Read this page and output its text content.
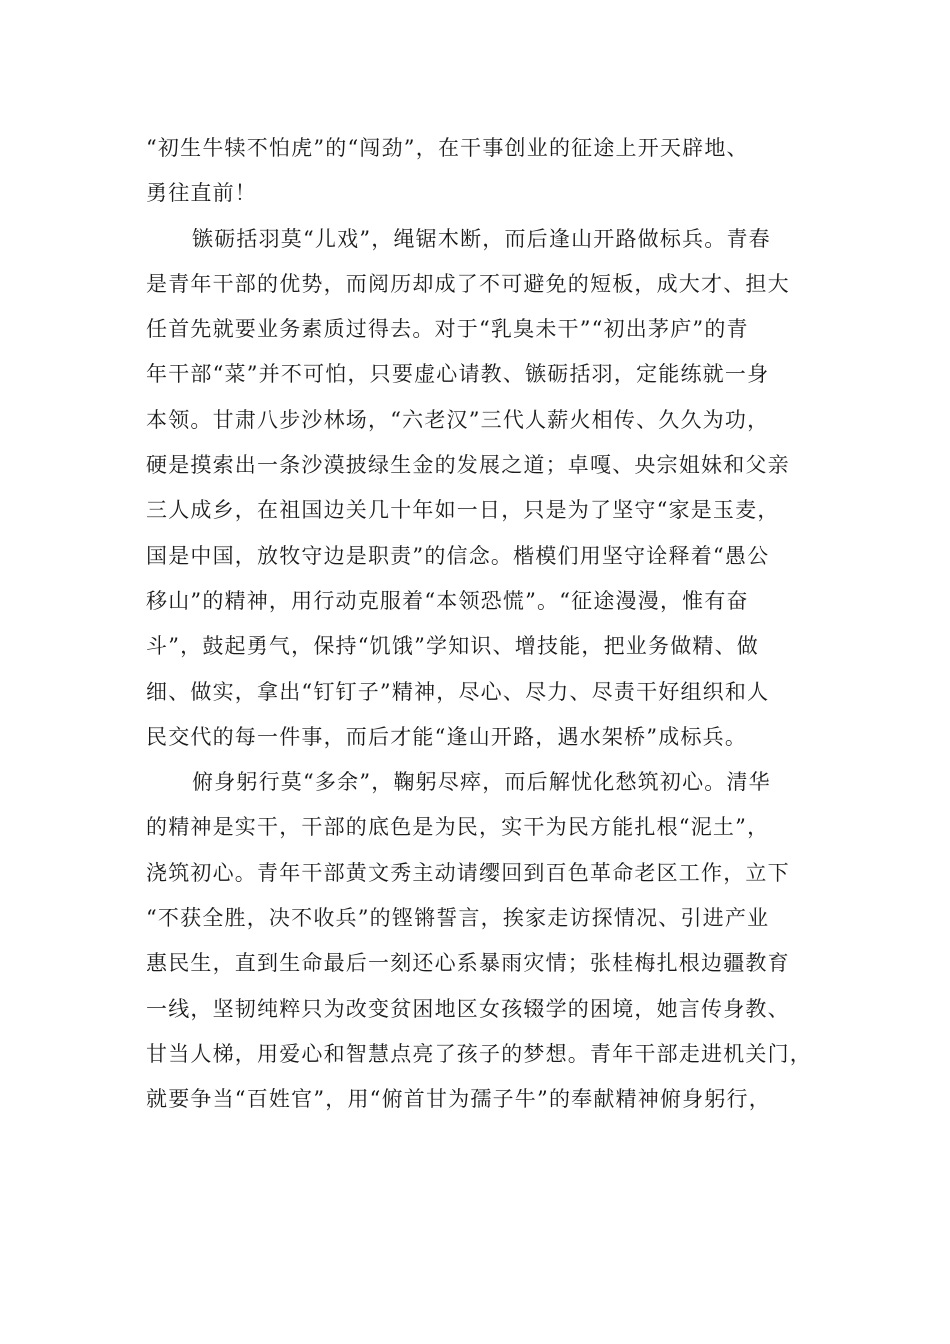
“初生牛犊不怕虎”的“闯劲”，在干事创业的征途上开天辟地、
勇往直前！
镞砺括羽莫“儿戏”，绳锯木断，而后逢山开路做标兵。青春
是青年干部的优势，而阅历却成了不可避免的短板，成大才、担大
任首先就要业务素质过得去。对于“乳臭未干”“初出茅庐”的青
年干部“菜”并不可怕，只要虚心请教、镞砺括羽，定能练就一身
本领。甘肃八步沙林场，“六老汉”三代人薪火相传、久久为功，
硬是摸索出一条沙漠披绿生金的发展之道；卓嘎、央宗姐妹和父亲
三人成乡，在祖国边关几十年如一日，只是为了坚守“家是玉麦，
国是中国，放牧守边是职责”的信念。楷模们用坚守诠释着“愚公
移山”的精神，用行动克服着“本领恐慌”。“征途漫漫，惟有奋
斗”，鼓起勇气，保持“饥饿”学知识、增技能，把业务做精、做
细、做实，拿出“钉钉子”精神，尽心、尽力、尽责干好组织和人
民交代的每一件事，而后才能“逢山开路，遇水架桥”成标兵。
俯身躬行莫“多余”，鞠躬尽瘁，而后解忧化愁筑初心。清华
的精神是实干，干部的底色是为民，实干为民方能扎根“泥土”，
浇筑初心。青年干部黄文秀主动请缨回到百色革命老区工作，立下
“不获全胜，决不收兵”的铿锵誓言，挨家走访探情况、引进产业
惠民生，直到生命最后一刻还心系暴雨灾情；张桂梅扎根边疆教育
一线，坚韧纯粹只为改变贫困地区女孩辍学的困境，她言传身教、
甘当人梯，用爱心和智慧点亮了孩子的梦想。青年干部走进机关门，
就要争当“百姓官”，用“俯首甘为孺子牛”的奉献精神俯身躬行，
